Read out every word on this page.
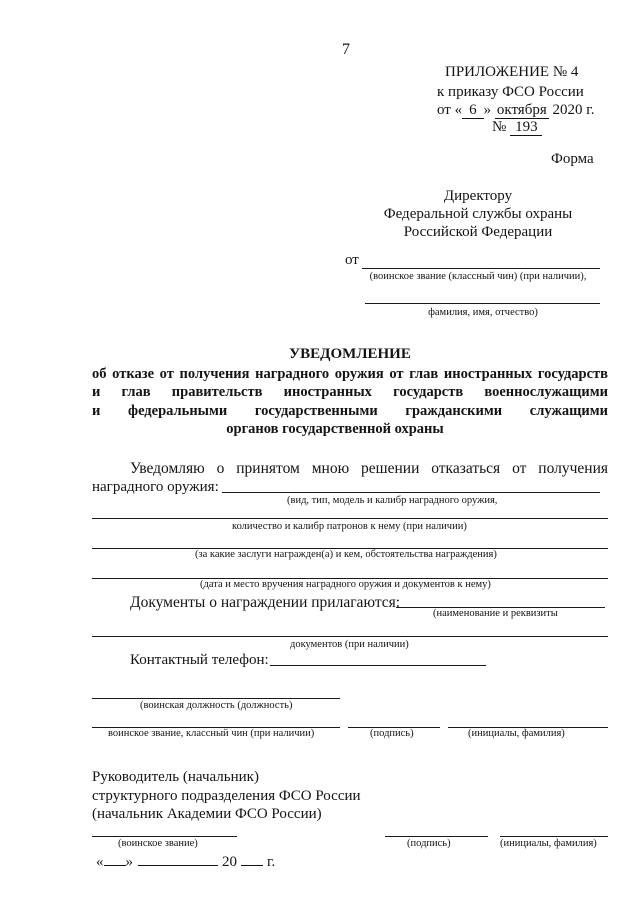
7
ПРИЛОЖЕНИЕ № 4
к приказу ФСО России
от « 6 » октября 2020 г.
№ 193
Форма
Директору
Федеральной службы охраны
Российской Федерации
от
(воинское звание (классный чин) (при наличии),
фамилия, имя, отчество)
УВЕДОМЛЕНИЕ
об отказе от получения наградного оружия от глав иностранных государств
и глав правительств иностранных государств военнослужащими
и федеральными государственными гражданскими служащими
органов государственной охраны
Уведомляю о принятом мною решении отказаться от получения
наградного оружия:
(вид, тип, модель и калибр наградного оружия,
количество и калибр патронов к нему (при наличии)
(за какие заслуги награжден(а) и кем, обстоятельства награждения)
(дата и место вручения наградного оружия и документов к нему)
Документы о награждении прилагаются:
(наименование и реквизиты
документов (при наличии)
Контактный телефон:
(воинская должность (должность)
воинское звание, классный чин (при наличии)	(подпись)	(инициалы, фамилия)
Руководитель (начальник)
структурного подразделения ФСО России
(начальник Академии ФСО России)
(воинское звание)	(подпись)	(инициалы, фамилия)
« »	20 г.
